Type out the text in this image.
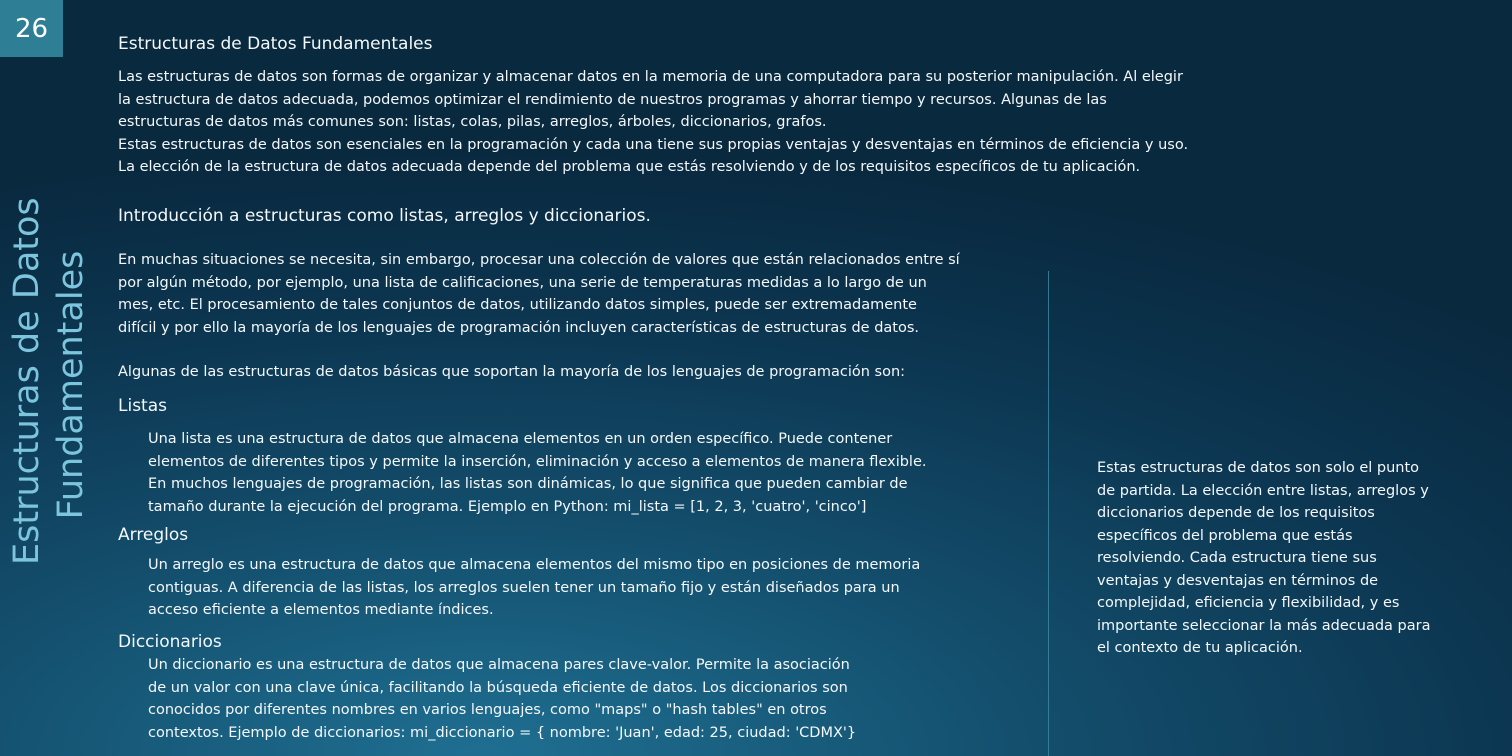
26
Estructuras de Datos Fundamentales
Estructuras de Datos Fundamentales
Las estructuras de datos son formas de organizar y almacenar datos en la memoria de una computadora para su posterior manipulación. Al elegir
la estructura de datos adecuada, podemos optimizar el rendimiento de nuestros programas y ahorrar tiempo y recursos. Algunas de las
estructuras de datos más comunes son: listas, colas, pilas, arreglos, árboles, diccionarios, grafos.
Estas estructuras de datos son esenciales en la programación y cada una tiene sus propias ventajas y desventajas en términos de eficiencia y uso.
La elección de la estructura de datos adecuada depende del problema que estás resolviendo y de los requisitos específicos de tu aplicación.
Introducción a estructuras como listas, arreglos y diccionarios.
En muchas situaciones se necesita, sin embargo, procesar una colección de valores que están relacionados entre sí
por algún método, por ejemplo, una lista de calificaciones, una serie de temperaturas medidas a lo largo de un
mes, etc. El procesamiento de tales conjuntos de datos, utilizando datos simples, puede ser extremadamente
difícil y por ello la mayoría de los lenguajes de programación incluyen características de estructuras de datos.
Algunas de las estructuras de datos básicas que soportan la mayoría de los lenguajes de programación son:
Listas
Una lista es una estructura de datos que almacena elementos en un orden específico. Puede contener
elementos de diferentes tipos y permite la inserción, eliminación y acceso a elementos de manera flexible.
En muchos lenguajes de programación, las listas son dinámicas, lo que significa que pueden cambiar de
tamaño durante la ejecución del programa. Ejemplo en Python: mi_lista = [1, 2, 3, 'cuatro', 'cinco']
Arreglos
Un arreglo es una estructura de datos que almacena elementos del mismo tipo en posiciones de memoria
contiguas. A diferencia de las listas, los arreglos suelen tener un tamaño fijo y están diseñados para un
acceso eficiente a elementos mediante índices.
Diccionarios
Un diccionario es una estructura de datos que almacena pares clave-valor. Permite la asociación
de un valor con una clave única, facilitando la búsqueda eficiente de datos. Los diccionarios son
conocidos por diferentes nombres en varios lenguajes, como "maps" o "hash tables" en otros
contextos. Ejemplo de diccionarios: mi_diccionario = { nombre: 'Juan', edad: 25, ciudad: 'CDMX'}
Estas estructuras de datos son solo el punto
de partida. La elección entre listas, arreglos y
diccionarios depende de los requisitos
específicos del problema que estás
resolviendo. Cada estructura tiene sus
ventajas y desventajas en términos de
complejidad, eficiencia y flexibilidad, y es
importante seleccionar la más adecuada para
el contexto de tu aplicación.
